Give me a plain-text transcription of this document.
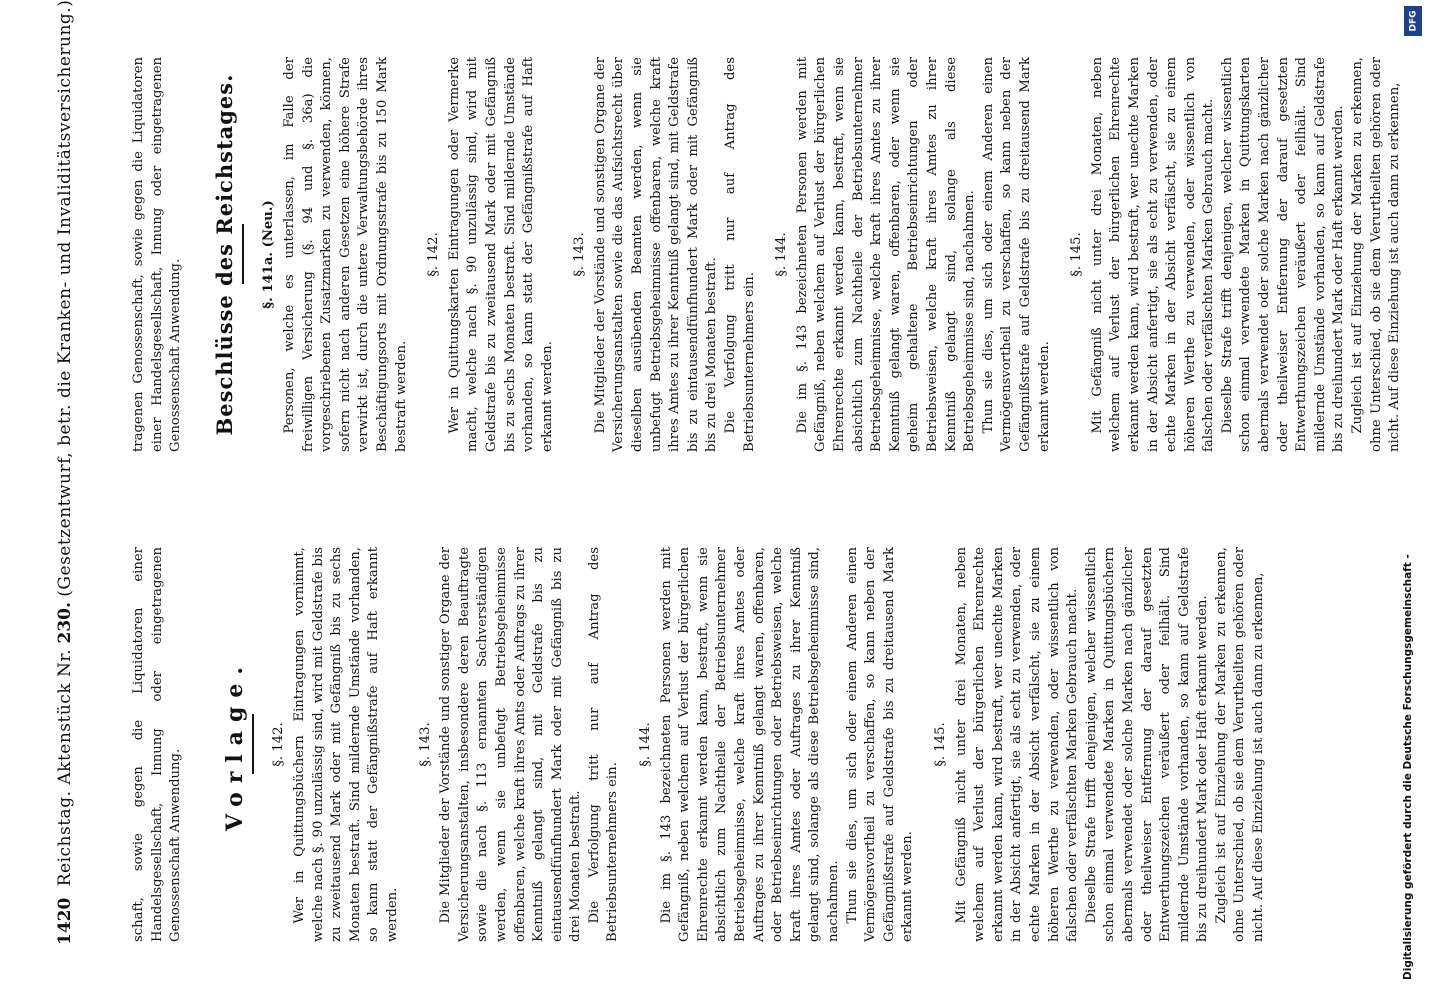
1420 Reichstag. Aktenstück Nr. 230. (Gesetzentwurf, betr. die Kranken- und Invaliditätsversicherung.)

schaft, sowie gegen die Liquidatoren einer Handelsgesellschaft, Innung oder eingetragenen Genossenschaft Anwendung.

Vorlage. §. 142. Wer in Quittungsbüchern Eintragungen vornimmt, welche nach §. 90 unzulässig sind, wird mit Geldstrafe bis zu zweitausend Mark oder mit Gefängniß bis zu sechs Monaten bestraft. Sind mildernde Umstände vorhanden, so kann statt der Gefängnißstrafe auf Haft erkannt werden.

§. 143. Die Mitglieder der Vorstände und sonstiger Organe der Versicherungsanstalten, insbesondere deren Beauftragte sowie die nach §. 113 ernannten Sachverständigen werden, wenn sie unbefugt Betriebsgeheimnisse offenbaren, welche kraft ihres Amts oder Auftrags zu ihrer Kenntniß gelangt sind, mit Geldstrafe bis zu eintausendfünfhundert Mark oder mit Gefängniß bis zu drei Monaten bestraft. Die Verfolgung tritt nur auf Antrag des Betriebsunternehmers ein.

§. 144. Die im §. 143 bezeichneten Personen werden mit Gefängniß, neben welchem auf Verlust der bürgerlichen Ehrenrechte erkannt werden kann, bestraft, wenn sie absichtlich zum Nachtheile der Betriebsunternehmer Betriebsgeheimnisse, welche kraft ihres Amtes oder Auftrages zu ihrer Kenntniß gelangt waren, offenbaren, oder Betriebseinrichtungen oder Betriebsweisen, welche kraft ihres Amtes oder Auftrages zu ihrer Kenntniß gelangt sind, solange als diese Betriebsgeheimnisse sind, nachahmen. Thun sie dies, um sich oder einem Anderen einen Vermögensvortheil zu verschaffen, so kann neben der Gefängnißstrafe auf Geldstrafe bis zu dreitausend Mark erkannt werden.

§. 145. Mit Gefängniß nicht unter drei Monaten, neben welchem auf Verlust der bürgerlichen Ehrenrechte erkannt werden kann, wird bestraft, wer unechte Marken in der Absicht anfertigt, sie als echt zu verwenden, oder echte Marken in der Absicht verfälscht, sie zu einem höheren Werthe zu verwenden, oder wissentlich von falschen oder verfälschten Marken Gebrauch macht. Dieselbe Strafe trifft denjenigen, welcher wissentlich schon einmal verwendete Marken in Quittungsbüchern abermals verwendet oder solche Marken nach gänzlicher oder theilweiser Entfernung der darauf gesetzten Entwerthungszeichen veräußert oder feilhält. Sind mildernde Umstände vorhanden, so kann auf Geldstrafe bis zu dreihundert Mark oder Haft erkannt werden. Zugleich ist auf Einziehung der Marken zu erkennen, ohne Unterschied, ob sie dem Verurtheilten gehören oder nicht. Auf diese Einziehung ist auch dann zu erkennen,

tragenen Genossenschaft, sowie gegen die Liquidatoren einer Handelsgesellschaft, Innung oder eingetragenen Genossenschaft Anwendung. Beschlüsse des Reichstages. §. 141a. (Neu.) Personen, welche es unterlassen, im Falle der freiwilligen Versicherung (§. 94 und §. 36a) die vorgeschriebenen Zusatzmarken zu verwenden, können, sofern nicht nach anderen Gesetzen eine höhere Strafe verwirkt ist, durch die untere Verwaltungsbehörde ihres Beschäftigungsorts mit Ordnungsstrafe bis zu 150 Mark bestraft werden.

§. 142. Wer in Quittungskarten Eintragungen oder Vermerke macht, welche nach §. 90 unzulässig sind, wird mit Geldstrafe bis zu zweitausend Mark oder mit Gefängniß bis zu sechs Monaten bestraft. Sind mildernde Umstände vorhanden, so kann statt der Gefängnißstrafe auf Haft erkannt werden.

§. 143. Die Mitglieder der Vorstände und sonstigen Organe der Versicherungsanstalten sowie die das Aufsichtsrecht über dieselben ausübenden Beamten werden, wenn sie unbefugt Betriebsgeheimnisse offenbaren, welche kraft ihres Amtes zu ihrer Kenntniß gelangt sind, mit Geldstrafe bis zu eintausendfünfhundert Mark oder mit Gefängniß bis zu drei Monaten bestraft. Die Verfolgung tritt nur auf Antrag des Betriebsunternehmers ein.

§. 144. Die im §. 143 bezeichneten Personen werden mit Gefängniß, neben welchem auf Verlust der bürgerlichen Ehrenrechte erkannt werden kann, bestraft, wenn sie absichtlich zum Nachtheile der Betriebsunternehmer Betriebsgeheimnisse, welche kraft ihres Amtes zu ihrer Kenntniß gelangt waren, offenbaren, oder wenn sie geheim gehaltene Betriebseinrichtungen oder Betriebsweisen, welche kraft ihres Amtes zu ihrer Kenntniß gelangt sind, solange als diese Betriebsgeheimnisse sind, nachahmen. Thun sie dies, um sich oder einem Anderen einen Vermögensvortheil zu verschaffen, so kann neben der Gefängnißstrafe auf Geldstrafe bis zu dreitausend Mark erkannt werden.

§. 145. Mit Gefängniß nicht unter drei Monaten, neben welchem auf Verlust der bürgerlichen Ehrenrechte erkannt werden kann, wird bestraft, wer unechte Marken in der Absicht anfertigt, sie als echt zu verwenden, oder echte Marken in der Absicht verfälscht, sie zu einem höheren Werthe zu verwenden, oder wissentlich von falschen oder verfälschten Marken Gebrauch macht. Dieselbe Strafe trifft denjenigen, welcher wissentlich schon einmal verwendete Marken in Quittungskarten abermals verwendet oder solche Marken nach gänzlicher oder theilweiser Entfernung der darauf gesetzten Entwerthungszeichen veräußert oder feilhält. Sind mildernde Umstände vorhanden, so kann auf Geldstrafe bis zu dreihundert Mark oder Haft erkannt werden. Zugleich ist auf Einziehung der Marken zu erkennen, ohne Unterschied, ob sie dem Verurtheilten gehören oder nicht. Auf diese Einziehung ist auch dann zu erkennen,

DFG
Digitalisierung gefördert durch die Deutsche Forschungsgemeinschaft -
